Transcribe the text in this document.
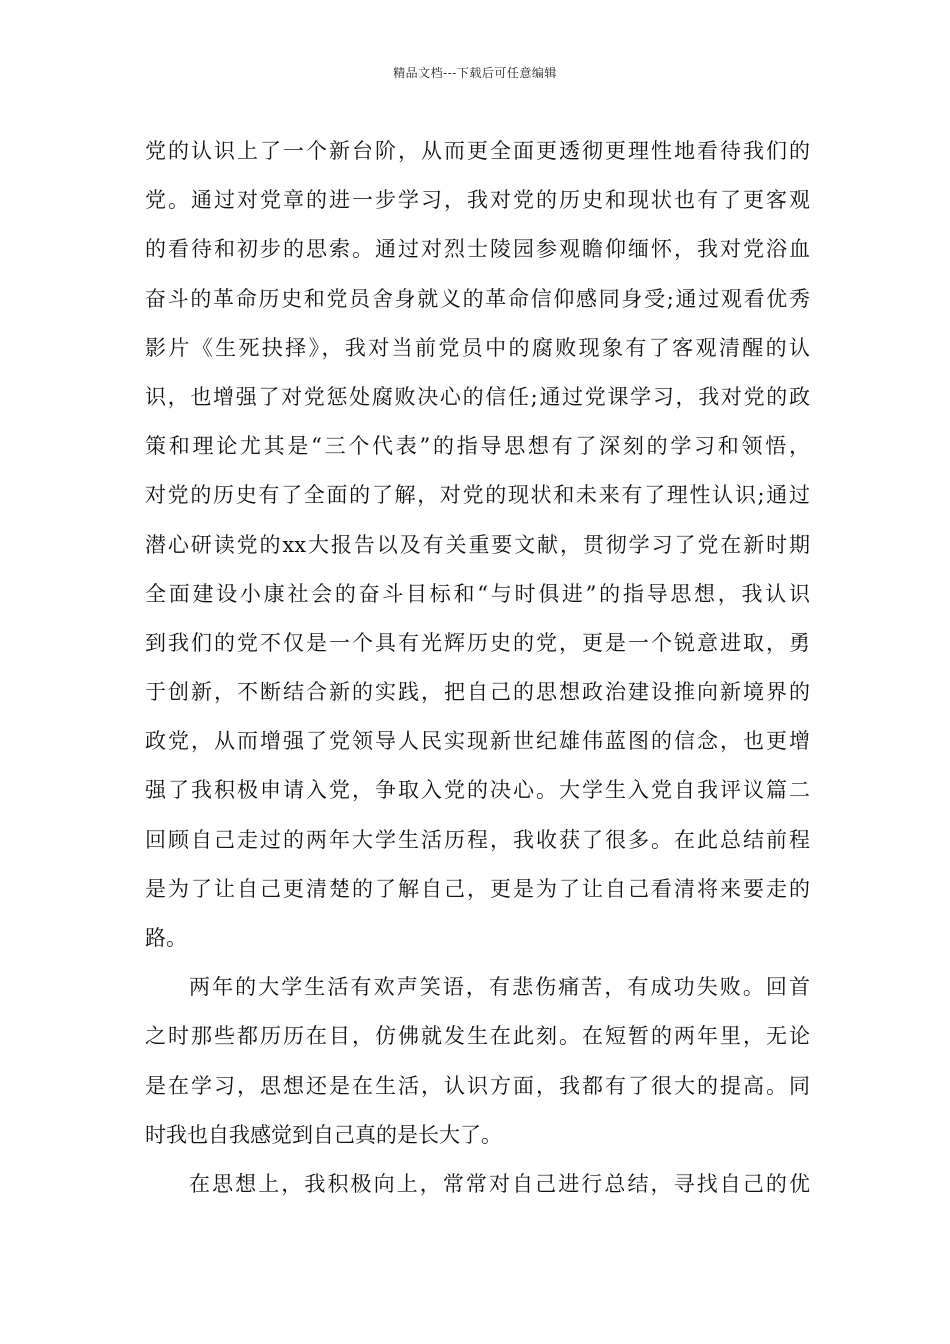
精品文档---下载后可任意编辑

党的认识上了一个新台阶，从而更全面更透彻更理性地看待我们的
党。通过对党章的进一步学习，我对党的历史和现状也有了更客观
的看待和初步的思索。通过对烈士陵园参观瞻仰缅怀，我对党浴血
奋斗的革命历史和党员舍身就义的革命信仰感同身受;通过观看优秀
影片《生死抉择》，我对当前党员中的腐败现象有了客观清醒的认
识，也增强了对党惩处腐败决心的信任;通过党课学习，我对党的政
策和理论尤其是“三个代表”的指导思想有了深刻的学习和领悟，
对党的历史有了全面的了解，对党的现状和未来有了理性认识;通过
潜心研读党的xx大报告以及有关重要文献，贯彻学习了党在新时期
全面建设小康社会的奋斗目标和“与时俱进”的指导思想，我认识
到我们的党不仅是一个具有光辉历史的党，更是一个锐意进取，勇
于创新，不断结合新的实践，把自己的思想政治建设推向新境界的
政党，从而增强了党领导人民实现新世纪雄伟蓝图的信念，也更增
强了我积极申请入党，争取入党的决心。大学生入党自我评议篇二
回顾自己走过的两年大学生活历程，我收获了很多。在此总结前程
是为了让自己更清楚的了解自己，更是为了让自己看清将来要走的
路。

两年的大学生活有欢声笑语，有悲伤痛苦，有成功失败。回首
之时那些都历历在目，仿佛就发生在此刻。在短暂的两年里，无论
是在学习，思想还是在生活，认识方面，我都有了很大的提高。同
时我也自我感觉到自己真的是长大了。

在思想上，我积极向上，常常对自己进行总结，寻找自己的优
